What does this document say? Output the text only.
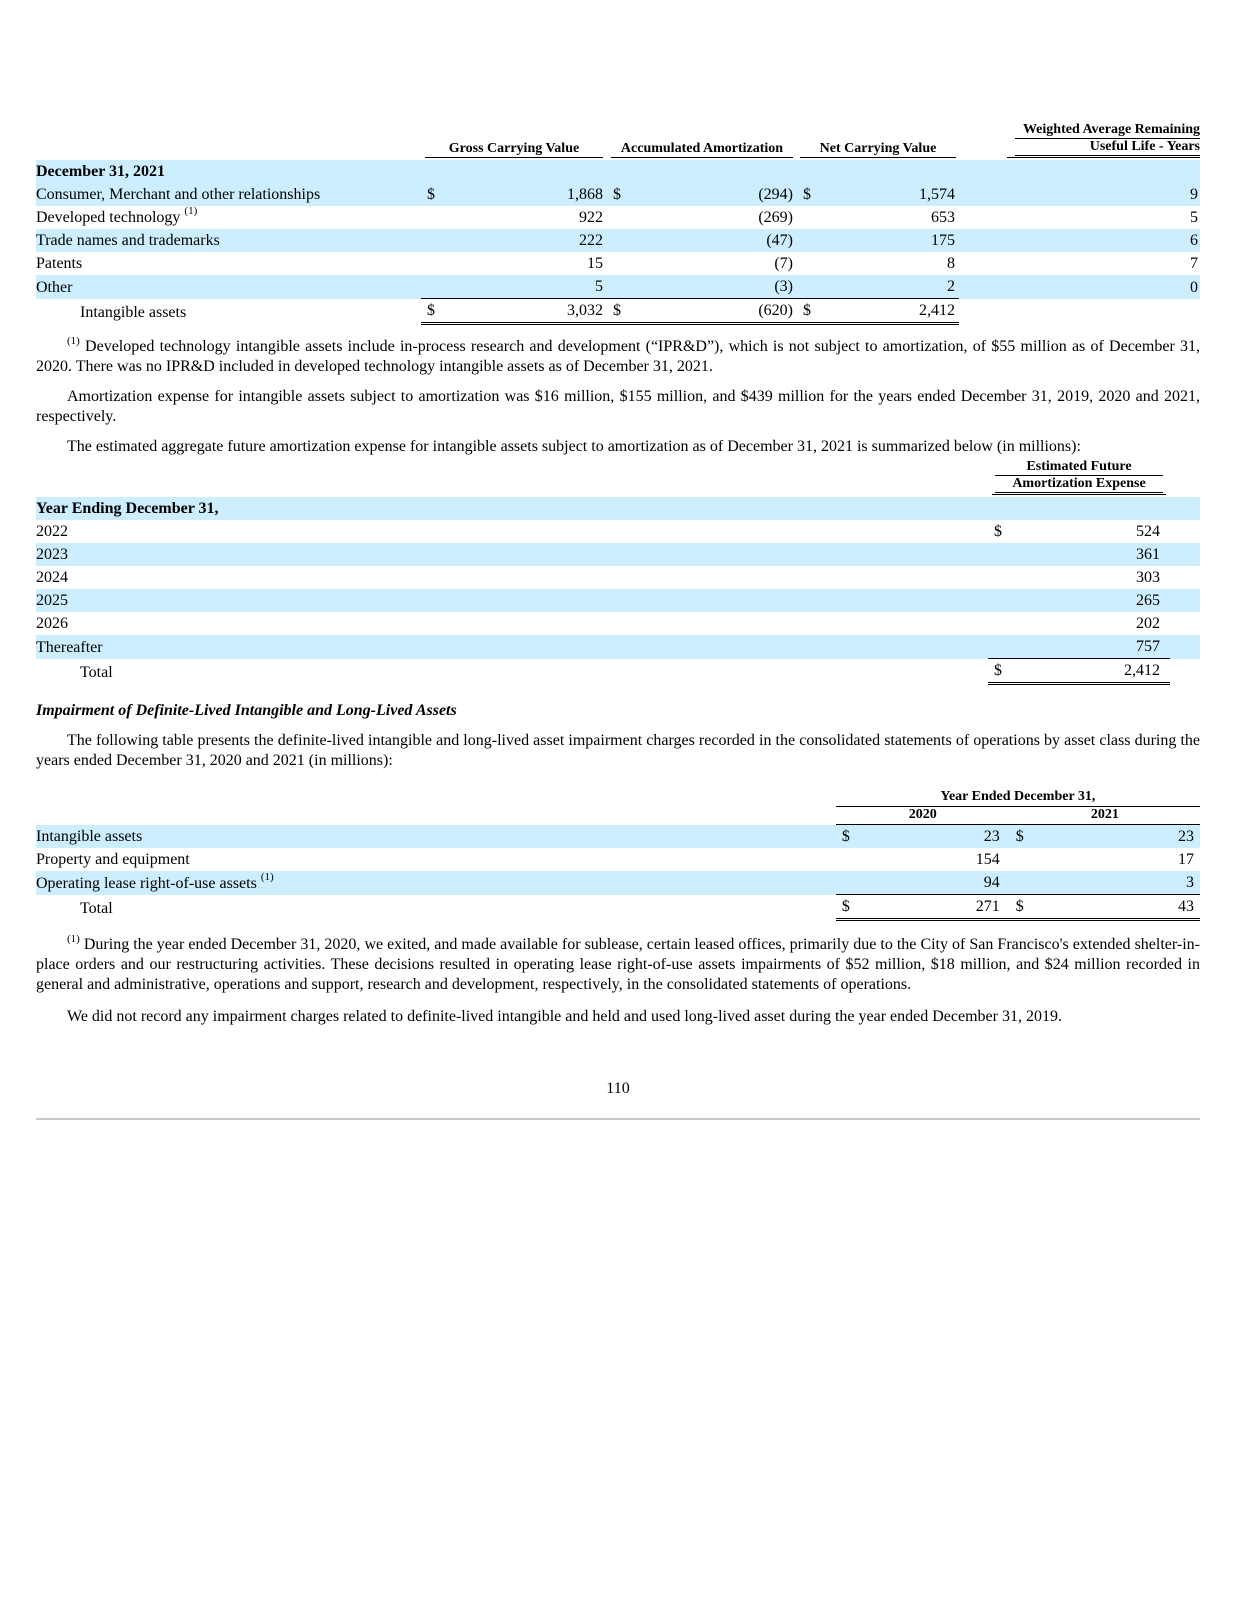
	Gross Carrying Value		Accumulated Amortization		Net Carrying Value		Weighted Average Remaining
Useful Life - Years
December 31, 2021							
Consumer, Merchant and other relationships	$	1,868	$	(294)	$	1,574	9
Developed technology $^{(1)}$		922		(269)		653	5
Trade names and trademarks		222		(47)		175	6
Patents		15		(7)		8	7
Other		5		(3)		2	0
Intangible assets	$	3,032	$	(620)	$	2,412	

$^{(1)}$ Developed technology intangible assets include in-process research and development (“IPR&D”), which is not subject to amortization, of $55 million as of December 31, 2020. There was no IPR&D included in developed technology intangible assets as of December 31, 2021.

Amortization expense for intangible assets subject to amortization was $16 million, $155 million, and $439 million for the years ended December 31, 2019, 2020 and 2021, respectively.

The estimated aggregate future amortization expense for intangible assets subject to amortization as of December 31, 2021 is summarized below (in millions):

	Estimated Future
Amortization Expense		
Year Ending December 31,			
2022	$	524	
2023		361	
2024		303	
2025		265	
2026		202	
Thereafter		757	
Total	$	2,412	

Impairment of Definite-Lived Intangible and Long-Lived Assets

The following table presents the definite-lived intangible and long-lived asset impairment charges recorded in the consolidated statements of operations by asset class during the years ended December 31, 2020 and 2021 (in millions):

	Year Ended December 31,			
	2020		2021	
Intangible assets	$	23	$	23
Property and equipment		154		17
Operating lease right-of-use assets $^{(1)}$		94		3
Total	$	271	$	43

$^{(1)}$ During the year ended December 31, 2020, we exited, and made available for sublease, certain leased offices, primarily due to the City of San Francisco's extended shelter-in-place orders and our restructuring activities. These decisions resulted in operating lease right-of-use assets impairments of $52 million, $18 million, and $24 million recorded in general and administrative, operations and support, research and development, respectively, in the consolidated statements of operations.

We did not record any impairment charges related to definite-lived intangible and held and used long-lived asset during the year ended December 31, 2019.

110
